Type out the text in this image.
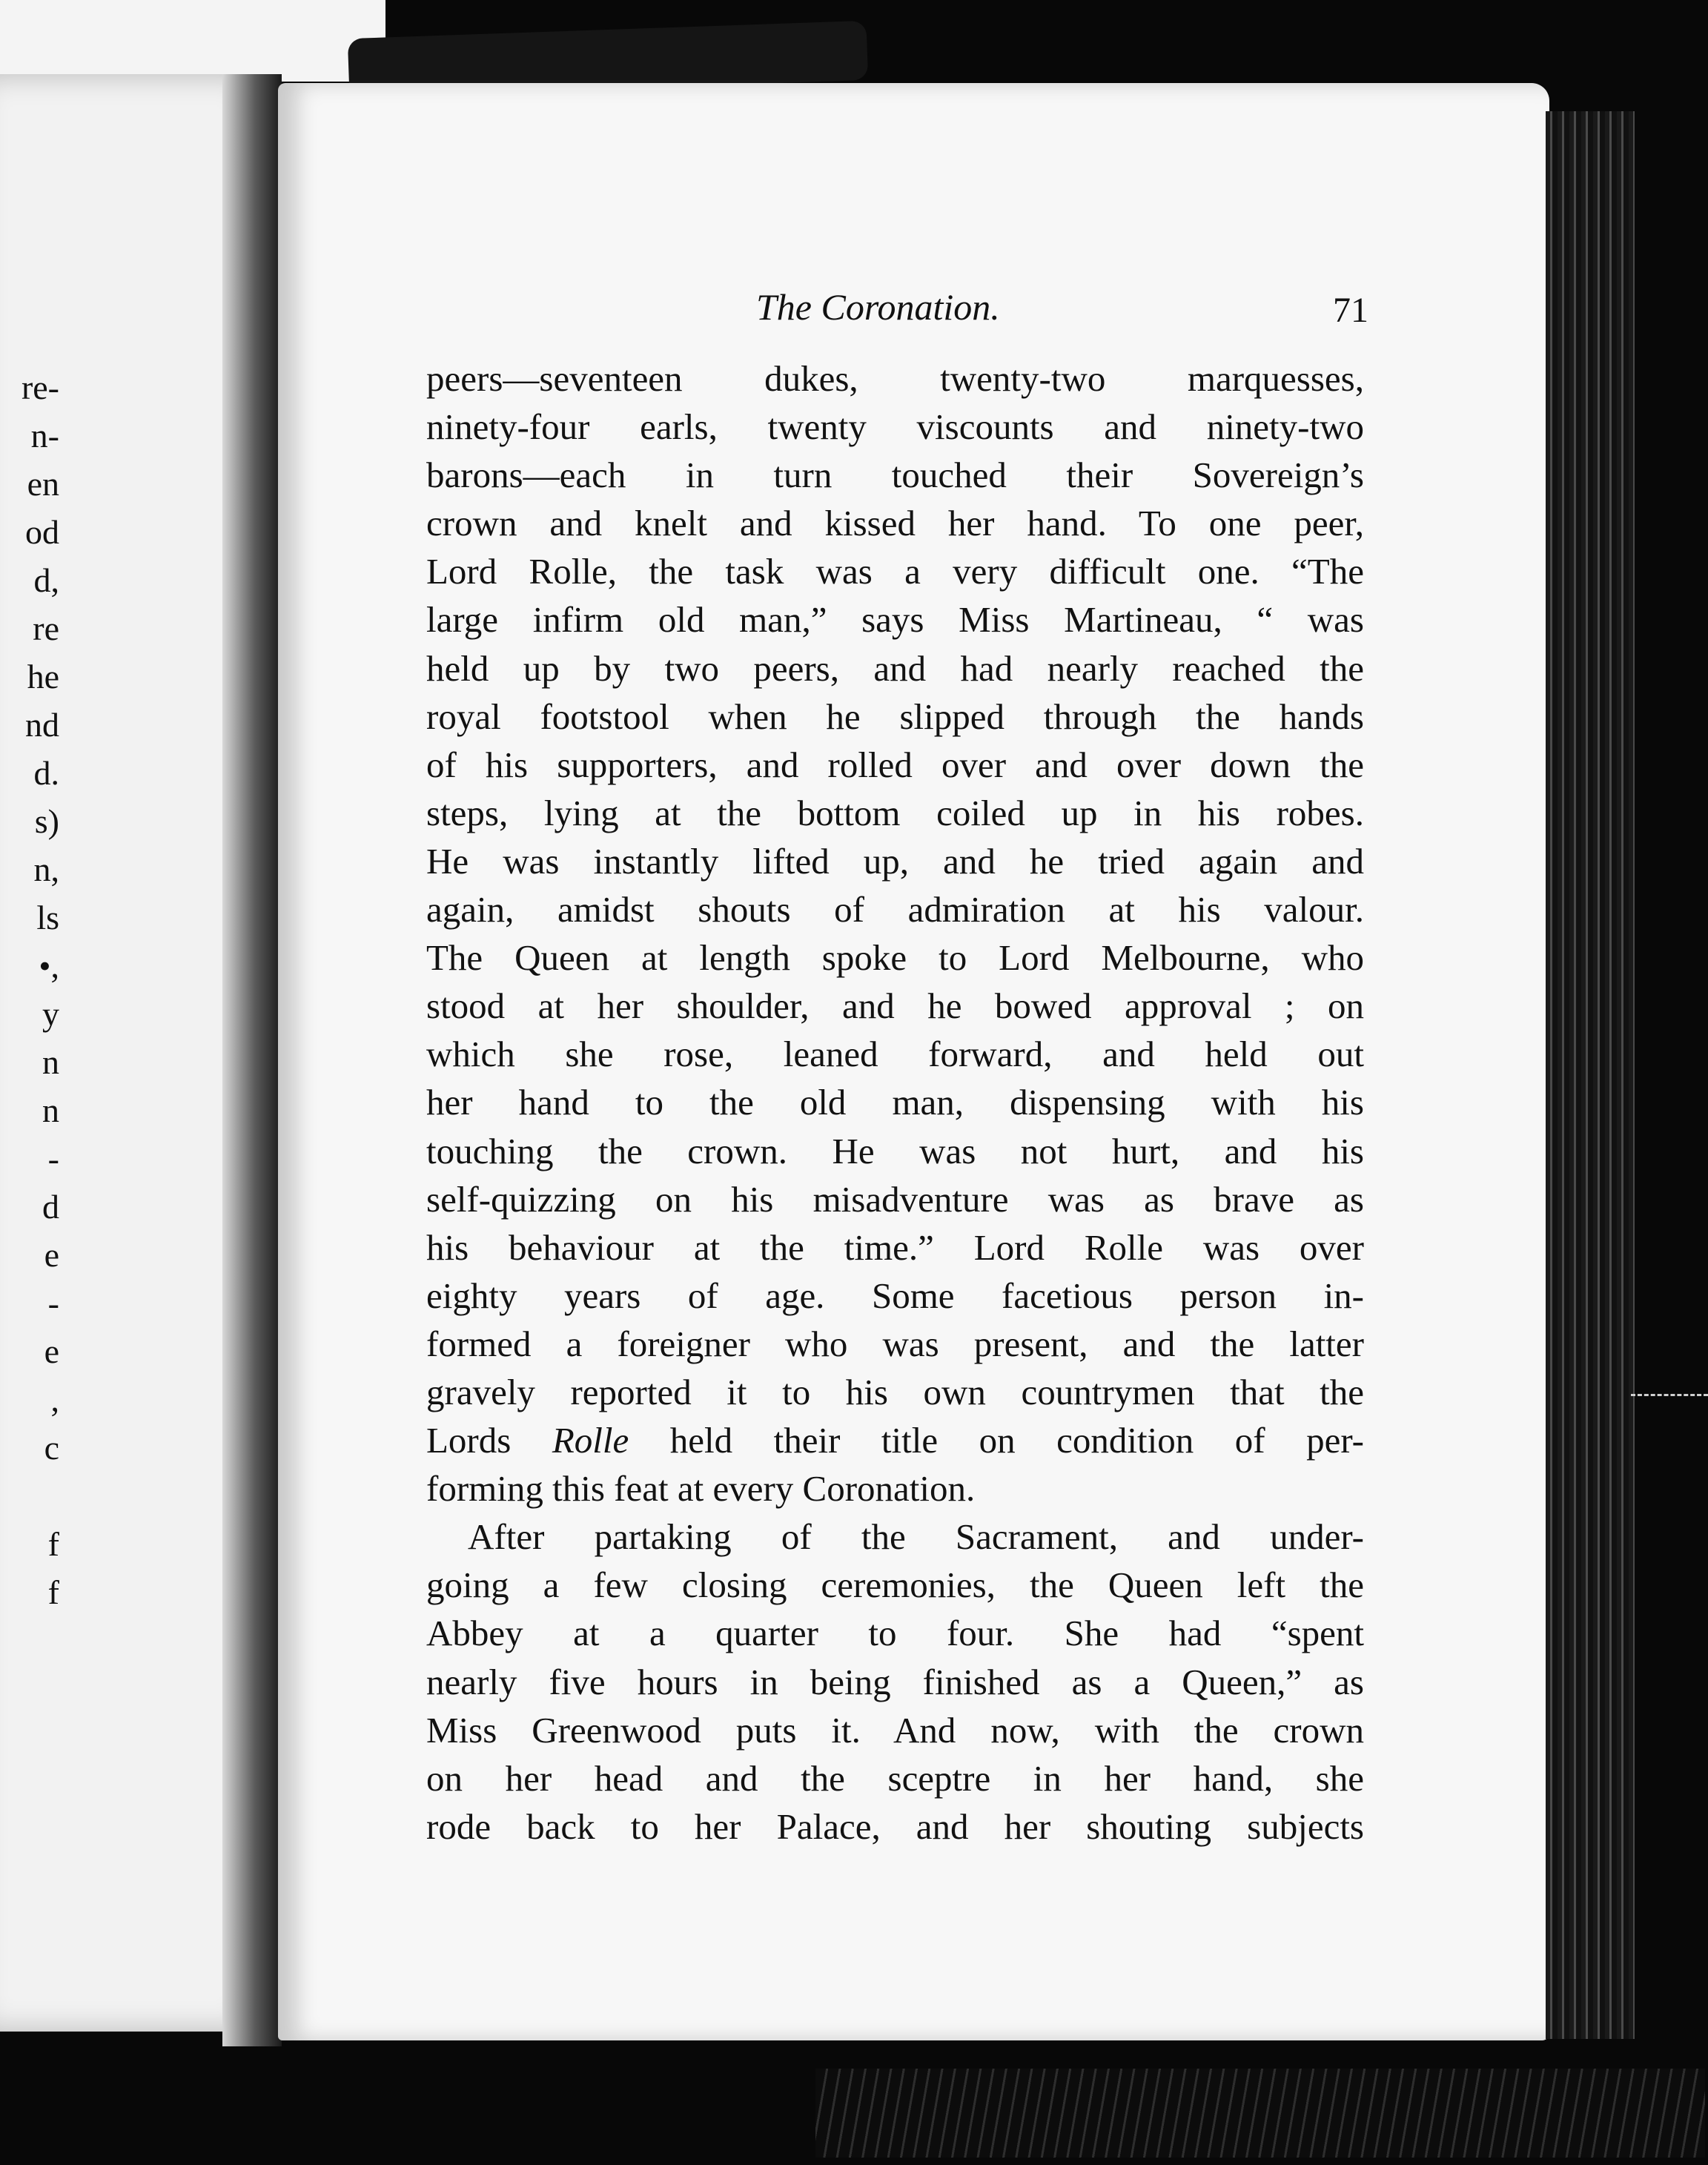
re-
n-
en
od
d,
re
he
nd
d.
s)
n,
ls
•,
y
n
n
-
d
e
-
e
,
c
f
f
The Coronation.	71
peers—seventeen dukes, twenty-two marquesses,
ninety-four earls, twenty viscounts and ninety-two
barons—each in turn touched their Sovereign’s
crown and knelt and kissed her hand. To one peer,
Lord Rolle, the task was a very difficult one. “The
large infirm old man,” says Miss Martineau, “ was
held up by two peers, and had nearly reached the
royal footstool when he slipped through the hands
of his supporters, and rolled over and over down the
steps, lying at the bottom coiled up in his robes.
He was instantly lifted up, and he tried again and
again, amidst shouts of admiration at his valour.
The Queen at length spoke to Lord Melbourne, who
stood at her shoulder, and he bowed approval ; on
which she rose, leaned forward, and held out
her hand to the old man, dispensing with his
touching the crown. He was not hurt, and his
self-quizzing on his misadventure was as brave as
his behaviour at the time.” Lord Rolle was over
eighty years of age. Some facetious person in-
formed a foreigner who was present, and the latter
gravely reported it to his own countrymen that the
Lords Rolle held their title on condition of per-
forming this feat at every Coronation.
After partaking of the Sacrament, and under-
going a few closing ceremonies, the Queen left the
Abbey at a quarter to four. She had “spent
nearly five hours in being finished as a Queen,” as
Miss Greenwood puts it. And now, with the crown
on her head and the sceptre in her hand, she
rode back to her Palace, and her shouting subjects
